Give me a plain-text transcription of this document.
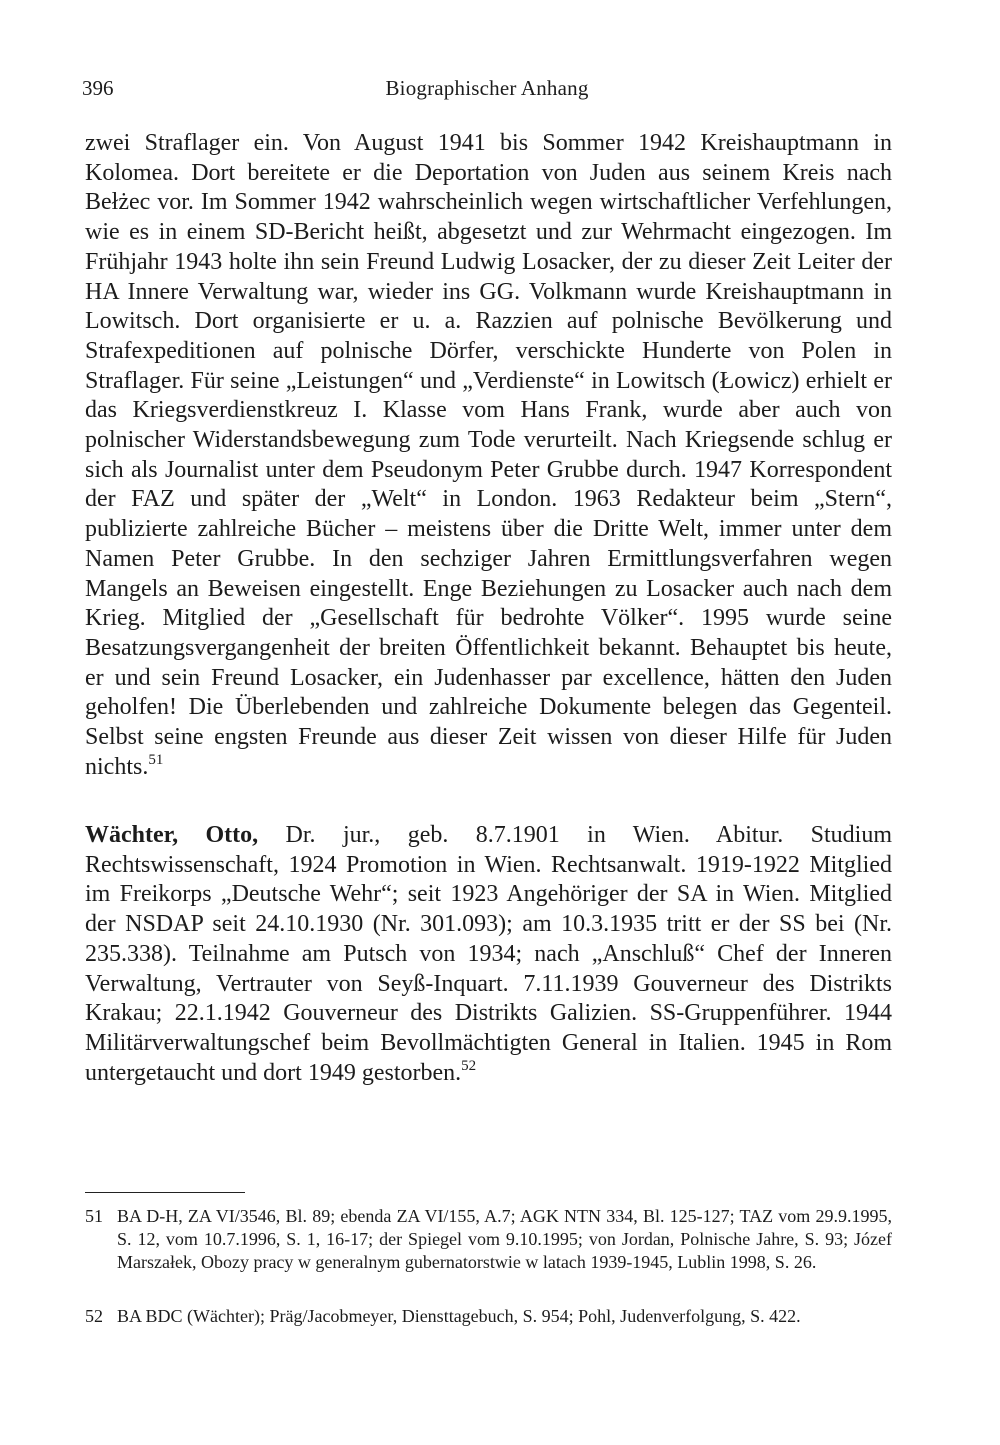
396	Biographischer Anhang

zwei Straflager ein. Von August 1941 bis Sommer 1942 Kreishauptmann in Kolomea. Dort bereitete er die Deportation von Juden aus seinem Kreis nach Bełżec vor. Im Sommer 1942 wahrscheinlich wegen wirtschaftlicher Verfehlungen, wie es in einem SD-Bericht heißt, abgesetzt und zur Wehrmacht eingezogen. Im Frühjahr 1943 holte ihn sein Freund Ludwig Losacker, der zu dieser Zeit Leiter der HA Innere Verwaltung war, wieder ins GG. Volkmann wurde Kreishauptmann in Lowitsch. Dort organisierte er u. a. Razzien auf polnische Bevölkerung und Strafexpeditionen auf polnische Dörfer, verschickte Hunderte von Polen in Straflager. Für seine „Leistungen“ und „Verdienste“ in Lowitsch (Łowicz) erhielt er das Kriegsverdienstkreuz I. Klasse vom Hans Frank, wurde aber auch von polnischer Widerstandsbewegung zum Tode verurteilt. Nach Kriegsende schlug er sich als Journalist unter dem Pseudonym Peter Grubbe durch. 1947 Korrespondent der FAZ und später der „Welt“ in London. 1963 Redakteur beim „Stern“, publizierte zahlreiche Bücher – meistens über die Dritte Welt, immer unter dem Namen Peter Grubbe. In den sechziger Jahren Ermittlungsverfahren wegen Mangels an Beweisen eingestellt. Enge Beziehungen zu Losacker auch nach dem Krieg. Mitglied der „Gesellschaft für bedrohte Völker“. 1995 wurde seine Besatzungsvergangenheit der breiten Öffentlichkeit bekannt. Behauptet bis heute, er und sein Freund Losacker, ein Judenhasser par excellence, hätten den Juden geholfen! Die Überlebenden und zahlreiche Dokumente belegen das Gegenteil. Selbst seine engsten Freunde aus dieser Zeit wissen von dieser Hilfe für Juden nichts.$^{51}$

Wächter, Otto, Dr. jur., geb. 8.7.1901 in Wien. Abitur. Studium Rechtswissenschaft, 1924 Promotion in Wien. Rechtsanwalt. 1919-1922 Mitglied im Freikorps „Deutsche Wehr“; seit 1923 Angehöriger der SA in Wien. Mitglied der NSDAP seit 24.10.1930 (Nr. 301.093); am 10.3.1935 tritt er der SS bei (Nr. 235.338). Teilnahme am Putsch von 1934; nach „Anschluß“ Chef der Inneren Verwaltung, Vertrauter von Seyß-Inquart. 7.11.1939 Gouverneur des Distrikts Krakau; 22.1.1942 Gouverneur des Distrikts Galizien. SS-Gruppenführer. 1944 Militärverwaltungschef beim Bevollmächtigten General in Italien. 1945 in Rom untergetaucht und dort 1949 gestorben.$^{52}$

51 BA D-H, ZA VI/3546, Bl. 89; ebenda ZA VI/155, A.7; AGK NTN 334, Bl. 125-127; TAZ vom 29.9.1995, S. 12, vom 10.7.1996, S. 1, 16-17; der Spiegel vom 9.10.1995; von Jordan, Polnische Jahre, S. 93; Józef Marszałek, Obozy pracy w generalnym gubernatorstwie w latach 1939-1945, Lublin 1998, S. 26.
52 BA BDC (Wächter); Präg/Jacobmeyer, Diensttagebuch, S. 954; Pohl, Judenverfolgung, S. 422.
